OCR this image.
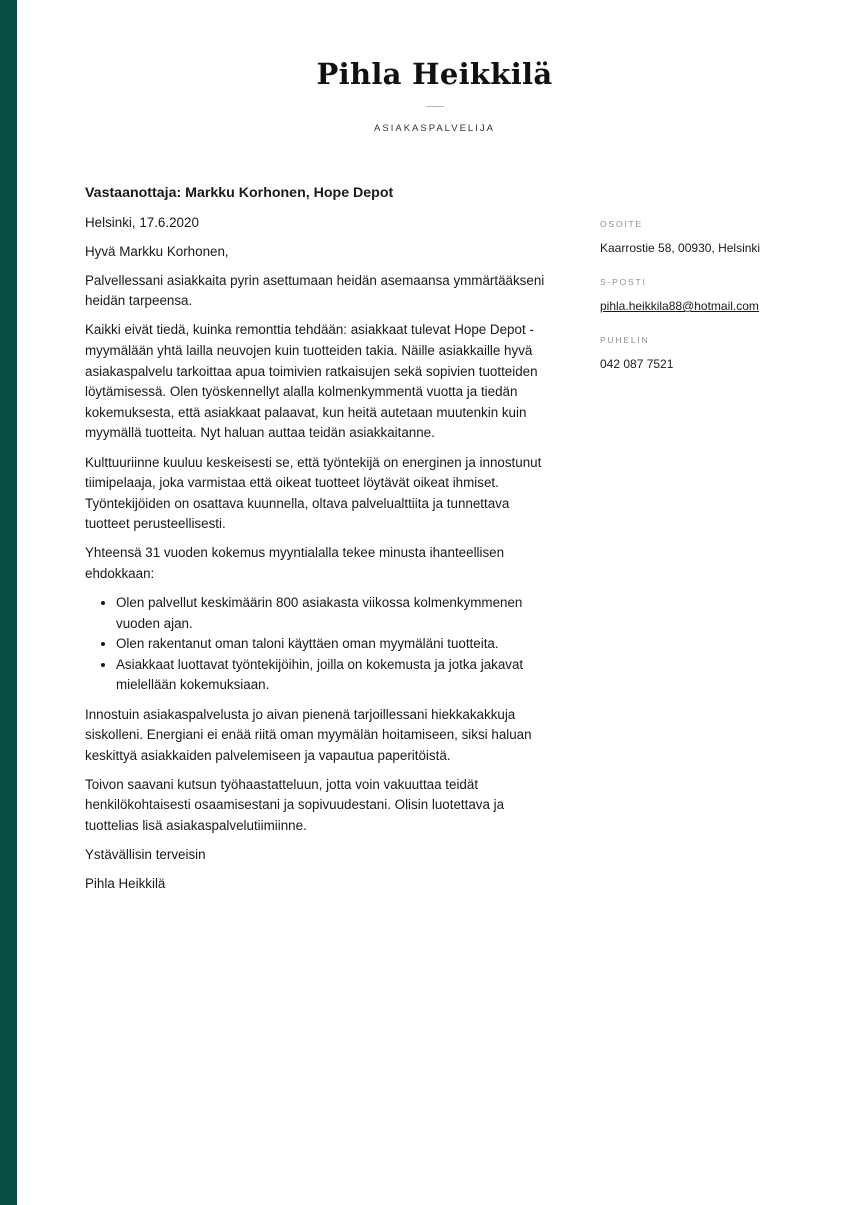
Pihla Heikkilä
ASIAKASPALVELIJA
Vastaanottaja: Markku Korhonen, Hope Depot

Helsinki, 17.6.2020

Hyvä Markku Korhonen,

Palvellessani asiakkaita pyrin asettumaan heidän asemaansa ymmärtääkseni heidän tarpeensa.

Kaikki eivät tiedä, kuinka remonttia tehdään: asiakkaat tulevat Hope Depot -myymälään yhtä lailla neuvojen kuin tuotteiden takia. Näille asiakkaille hyvä asiakaspalvelu tarkoittaa apua toimivien ratkaisujen sekä sopivien tuotteiden löytämisessä. Olen työskennellyt alalla kolmenkymmentä vuotta ja tiedän kokemuksesta, että asiakkaat palaavat, kun heitä autetaan muutenkin kuin myymällä tuotteita. Nyt haluan auttaa teidän asiakkaitanne.

Kulttuuriinne kuuluu keskeisesti se, että työntekijä on energinen ja innostunut tiimipelaaja, joka varmistaa että oikeat tuotteet löytävät oikeat ihmiset. Työntekijöiden on osattava kuunnella, oltava palvelualttiita ja tunnettava tuotteet perusteellisesti.

Yhteensä 31 vuoden kokemus myyntialalla tekee minusta ihanteellisen ehdokkaan:

• Olen palvellut keskimäärin 800 asiakasta viikossa kolmenkymmenen vuoden ajan.
• Olen rakentanut oman taloni käyttäen oman myymäläni tuotteita.
• Asiakkaat luottavat työntekijöihin, joilla on kokemusta ja jotka jakavat mielellään kokemuksiaan.

Innostuin asiakaspalvelusta jo aivan pienenä tarjoillessani hiekkakakkuja siskolleni. Energiani ei enää riitä oman myymälän hoitamiseen, siksi haluan keskittyä asiakkaiden palvelemiseen ja vapautua paperitöistä.

Toivon saavani kutsun työhaastatteluun, jotta voin vakuuttaa teidät henkilökohtaisesti osaamisestani ja sopivuudestani. Olisin luotettava ja tuottelias lisä asiakaspalvelutiimiinne.

Ystävällisin terveisin

Pihla Heikkilä

OSOITE
Kaarrostie 58, 00930, Helsinki
S-POSTI
pihla.heikkila88@hotmail.com
PUHELIN
042 087 7521
